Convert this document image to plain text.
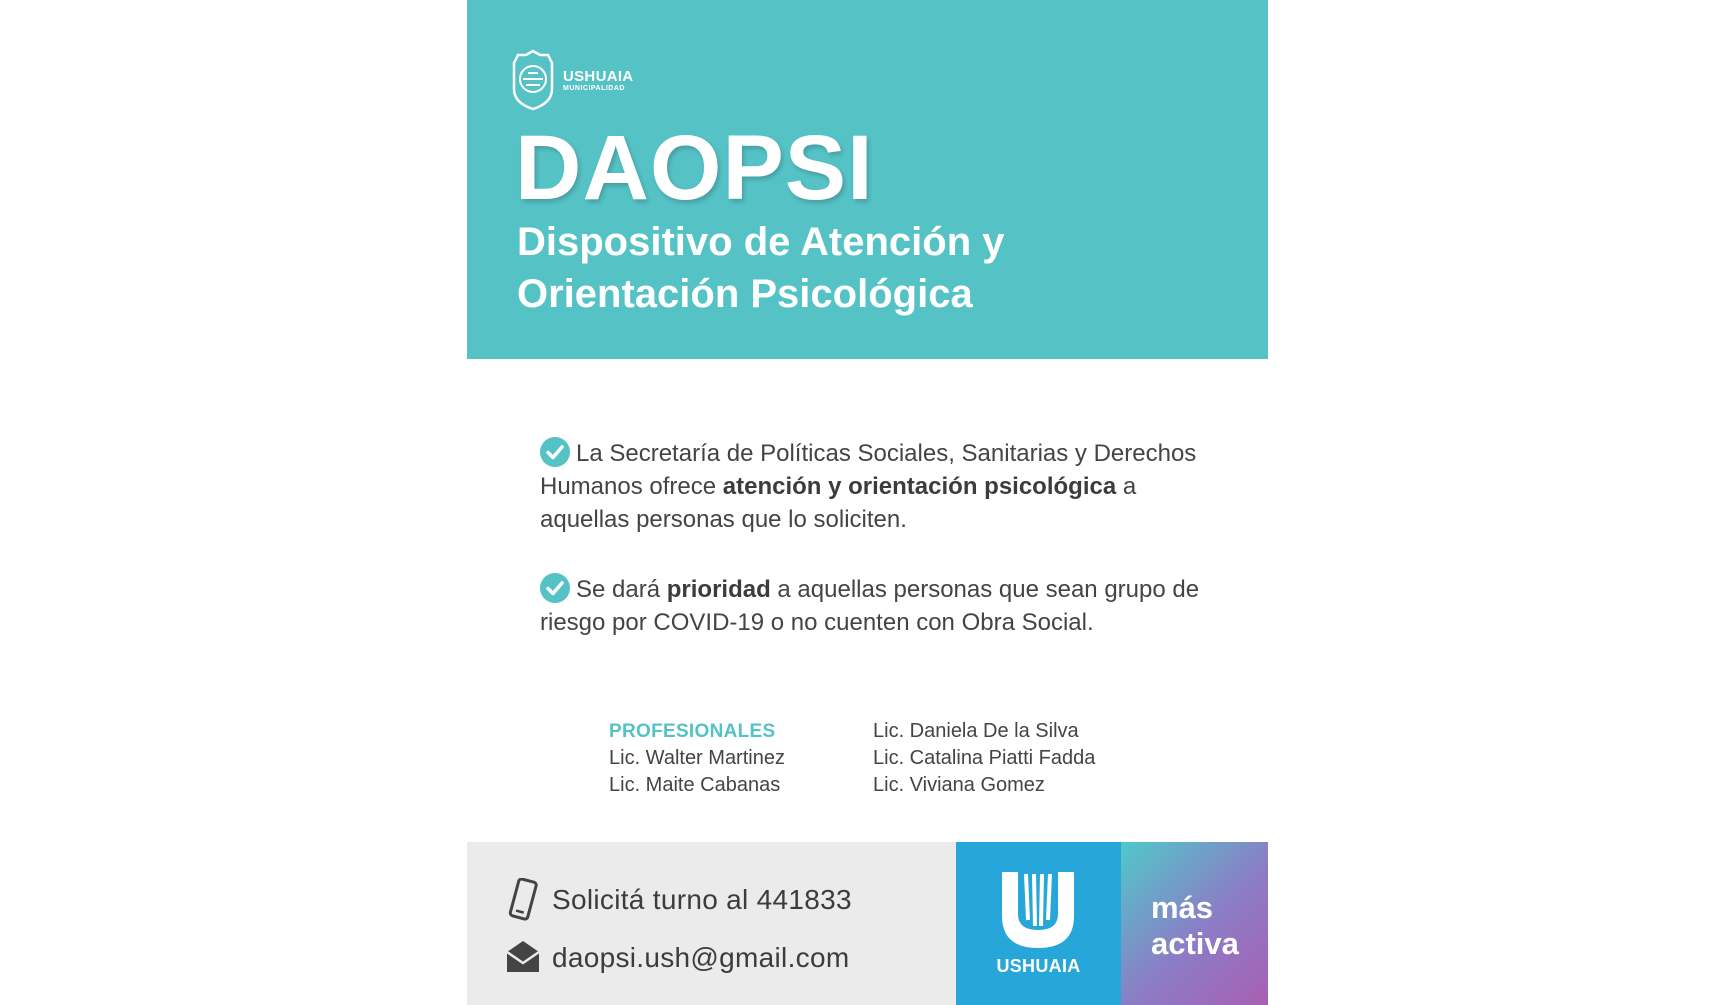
USHUAIA
MUNICIPALIDAD
DAOPSI
Dispositivo de Atención y Orientación Psicológica

La Secretaría de Políticas Sociales, Sanitarias y Derechos Humanos ofrece atención y orientación psicológica a aquellas personas que lo soliciten.

Se dará prioridad a aquellas personas que sean grupo de riesgo por COVID-19 o no cuenten con Obra Social.

PROFESIONALES
Lic. Walter Martinez
Lic. Maite Cabanas
Lic. Daniela De la Silva
Lic. Catalina Piatti Fadda
Lic. Viviana Gomez
Solicitá turno al 441833
daopsi.ush@gmail.com	USHUAIA
más
activa
